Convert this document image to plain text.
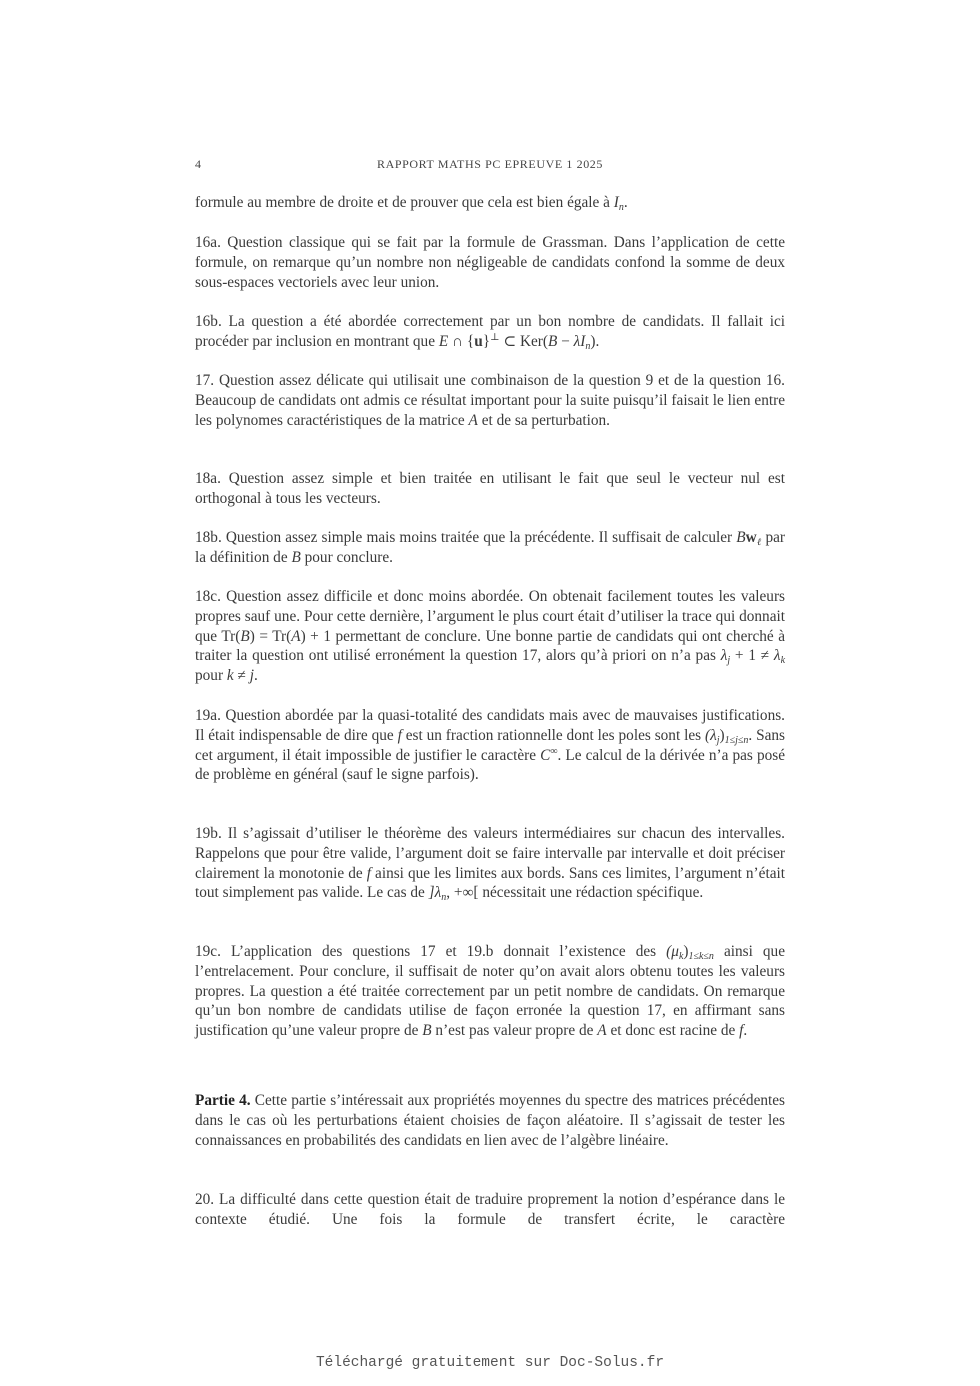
4	RAPPORT MATHS PC EPREUVE 1 2025
formule au membre de droite et de prouver que cela est bien égale à $I_n$.
16a. Question classique qui se fait par la formule de Grassman. Dans l’application de cette formule, on remarque qu’un nombre non négligeable de candidats confond la somme de deux sous-espaces vectoriels avec leur union.
16b. La question a été abordée correctement par un bon nombre de candidats. Il fallait ici procéder par inclusion en montrant que E ∩ {u}⊥ ⊂ $Ker(B - \lambda I_n)$.
17. Question assez délicate qui utilisait une combinaison de la question 9 et de la question 16. Beaucoup de candidats ont admis ce résultat important pour la suite puisqu’il faisait le lien entre les polynomes caractéristiques de la matrice A et de sa perturbation.
18a. Question assez simple et bien traitée en utilisant le fait que seul le vecteur nul est orthogonal à tous les vecteurs.
18b. Question assez simple mais moins traitée que la précédente. Il suffisait de calculer $Bw_\ell$ par la définition de B pour conclure.
18c. Question assez difficile et donc moins abordée. On obtenait facilement toutes les valeurs propres sauf une. Pour cette dernière, l’argument le plus court était d’utiliser la trace qui donnait que Tr(B) = Tr(A) + 1 permettant de conclure. Une bonne partie de candidats qui ont cherché à traiter la question ont utilisé erronément la question 17, alors qu’à priori on n’a pas $\lambda_j + 1 \ne \lambda_k$ pour k ≠ j.
19a. Question abordée par la quasi-totalité des candidats mais avec de mauvaises justifications. Il était indispensable de dire que f est un fraction rationnelle dont les poles sont les $(\lambda_j)_{1\le j\le n}$. Sans cet argument, il était impossible de justifier le caractère C∞. Le calcul de la dérivée n’a pas posé de problème en général (sauf le signe parfois).
19b. Il s’agissait d’utiliser le théorème des valeurs intermédiaires sur chacun des intervalles. Rappelons que pour être valide, l’argument doit se faire intervalle par intervalle et doit préciser clairement la monotonie de f ainsi que les limites aux bords. Sans ces limites, l’argument n’était tout simplement pas valide. Le cas de ]$\lambda_n$, +∞[ nécessitait une rédaction spécifique.
19c. L’application des questions 17 et 19.b donnait l’existence des $(\mu_k)_{1\le k\le n}$ ainsi que l’entrelacement. Pour conclure, il suffisait de noter qu’on avait alors obtenu toutes les valeurs propres. La question a été traitée correctement par un petit nombre de candidats. On remarque qu’un bon nombre de candidats utilise de façon erronée la question 17, en affirmant sans justification qu’une valeur propre de B n’est pas valeur propre de A et donc est racine de f.
Partie 4. Cette partie s’intéressait aux propriétés moyennes du spectre des matrices précédentes dans le cas où les perturbations étaient choisies de façon aléatoire. Il s’agissait de tester les connaissances en probabilités des candidats en lien avec de l’algèbre linéaire.
20. La difficulté dans cette question était de traduire proprement la notion d’espérance dans le contexte étudié. Une fois la formule de transfert écrite, le caractère
Téléchargé gratuitement sur Doc-Solus.fr
